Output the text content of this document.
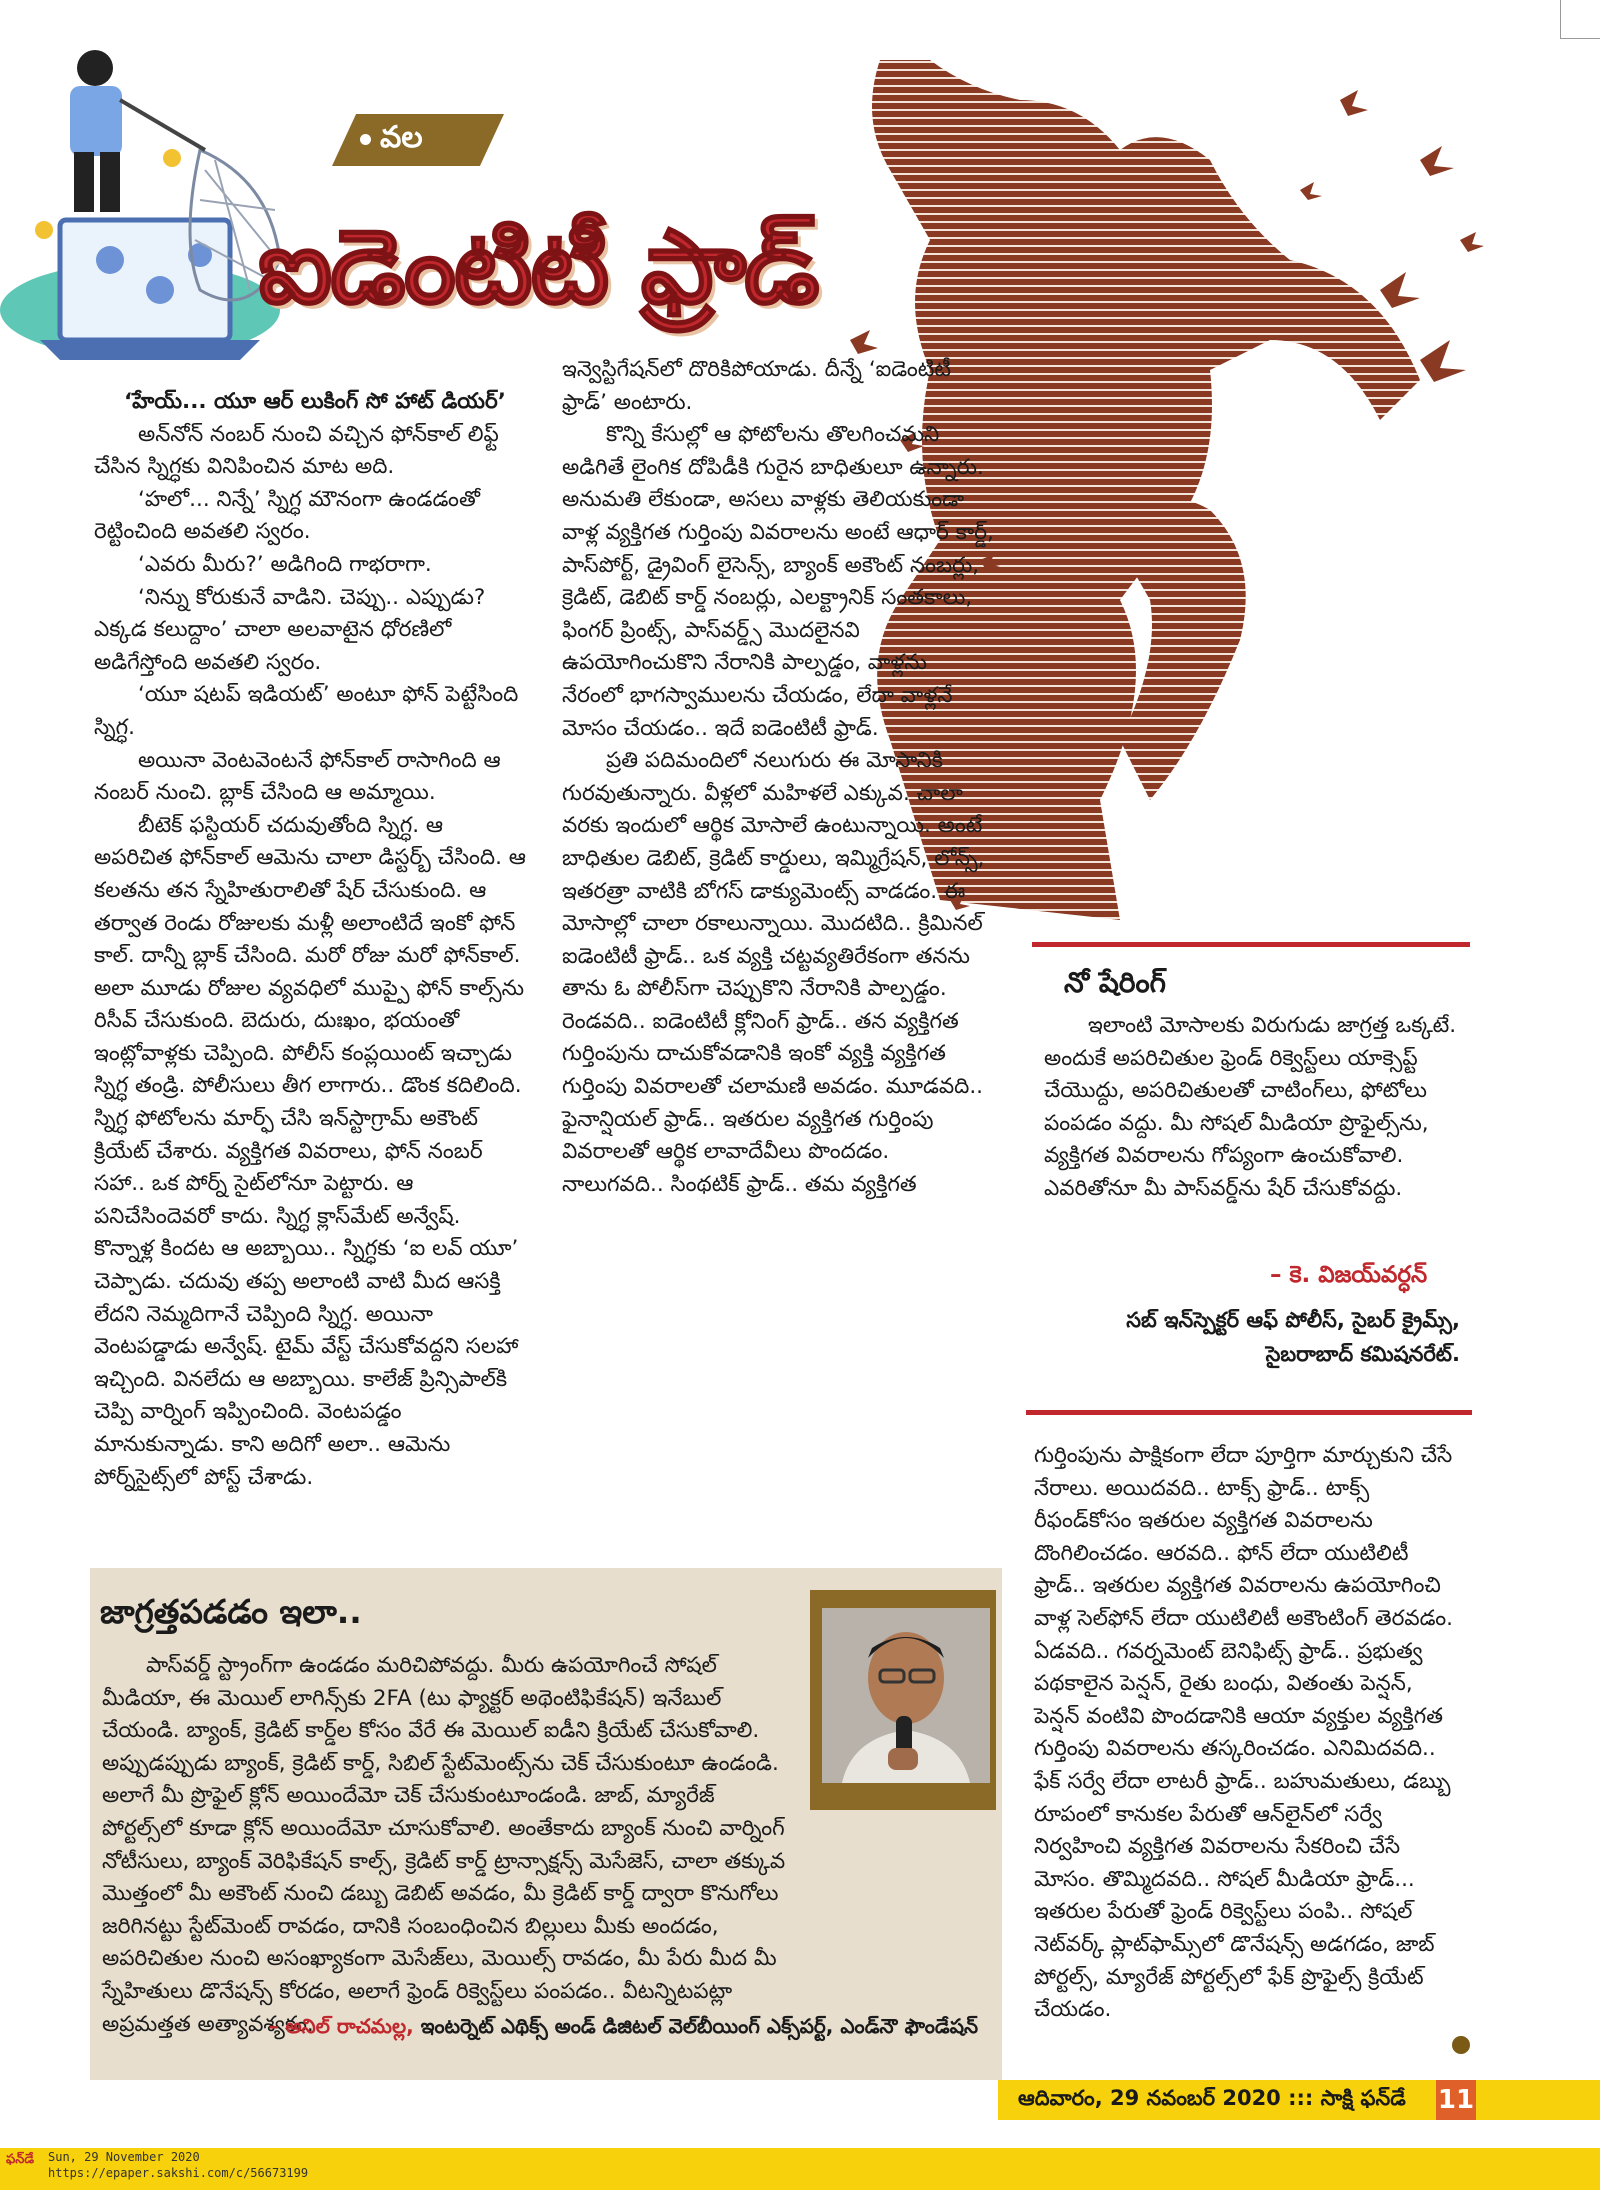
వల
ఐడెంటిటీ ఫ్రాడ్

‘హేయ్‌... యూ ఆర్‌ లుకింగ్‌ సో హాట్‌ డియర్‌’

అన్‌నోన్‌ నంబర్‌ నుంచి వచ్చిన ఫోన్‌కాల్‌ లిఫ్ట్‌ చేసిన స్నిగ్ధకు వినిపించిన మాట అది.

‘హలో... నిన్నే’ స్నిగ్ధ మౌనంగా ఉండడంతో రెట్టించింది అవతలి స్వరం.

‘ఎవరు మీరు?’ అడిగింది గాభరాగా.

‘నిన్ను కోరుకునే వాడిని. చెప్పు.. ఎప్పుడు? ఎక్కడ కలుద్దాం’ చాలా అలవాటైన ధోరణిలో అడిగేస్తోంది అవతలి స్వరం.

‘యూ షటప్‌ ఇడియట్‌’ అంటూ ఫోన్‌ పెట్టేసింది స్నిగ్ధ.

అయినా వెంటవెంటనే ఫోన్‌కాల్‌ రాసాగింది ఆ నంబర్‌ నుంచి. బ్లాక్‌ చేసింది ఆ అమ్మాయి.

బీటెక్‌ ఫస్టియర్‌ చదువుతోంది స్నిగ్ధ. ఆ అపరిచిత ఫోన్‌కాల్‌ ఆమెను చాలా డిస్టర్బ్‌ చేసింది. ఆ కలతను తన స్నేహితురాలితో షేర్‌ చేసుకుంది. ఆ తర్వాత రెండు రోజులకు మళ్లీ అలాంటిదే ఇంకో ఫోన్‌ కాల్‌. దాన్నీ బ్లాక్‌ చేసింది. మరో రోజు మరో ఫోన్‌కాల్‌. అలా మూడు రోజుల వ్యవధిలో ముప్పై ఫోన్‌ కాల్స్‌ను రిసీవ్‌ చేసుకుంది. బెదురు, దుఃఖం, భయంతో ఇంట్లోవాళ్లకు చెప్పింది. పోలీస్‌ కంప్లయింట్‌ ఇచ్చాడు స్నిగ్ధ తండ్రి. పోలీసులు తీగ లాగారు.. డొంక కదిలింది. స్నిగ్ధ ఫోటోలను మార్ఫ్‌ చేసి ఇన్‌స్టాగ్రామ్‌ అకౌంట్‌ క్రియేట్‌ చేశారు. వ్యక్తిగత వివరాలు, ఫోన్‌ నంబర్‌ సహా.. ఒక పోర్న్‌ సైట్‌లోనూ పెట్టారు. ఆ పనిచేసిందెవరో కాదు. స్నిగ్ధ క్లాస్‌మేట్‌ అన్వేష్‌. కొన్నాళ్ల కిందట ఆ అబ్బాయి.. స్నిగ్ధకు ‘ఐ లవ్‌ యూ’ చెప్పాడు. చదువు తప్ప అలాంటి వాటి మీద ఆసక్తి లేదని నెమ్మదిగానే చెప్పింది స్నిగ్ధ. అయినా వెంటపడ్డాడు అన్వేష్‌. టైమ్‌ వేస్ట్‌ చేసుకోవద్దని సలహా ఇచ్చింది. వినలేదు ఆ అబ్బాయి. కాలేజ్‌ ప్రిన్సిపాల్‌కి చెప్పి వార్నింగ్‌ ఇప్పించింది. వెంటపడ్డం మానుకున్నాడు. కాని అదిగో అలా.. ఆమెను పోర్న్‌సైట్స్‌లో పోస్ట్‌ చేశాడు.

ఇన్వెస్టిగేషన్‌లో దొరికిపోయాడు. దీన్నే ‘ఐడెంటిటీ ఫ్రాడ్‌’ అంటారు.

కొన్ని కేసుల్లో ఆ ఫోటోలను తొలగించమని అడిగితే లైంగిక దోపిడీకి గురైన బాధితులూ ఉన్నారు. అనుమతి లేకుండా, అసలు వాళ్లకు తెలియకుండా వాళ్ల వ్యక్తిగత గుర్తింపు వివరాలను అంటే ఆధార్‌ కార్డ్‌, పాస్‌పోర్ట్‌, డ్రైవింగ్‌ లైసెన్స్‌, బ్యాంక్‌ అకౌంట్‌ నంబర్లు, క్రెడిట్‌, డెబిట్‌ కార్డ్‌ నంబర్లు, ఎలక్ట్రానిక్‌ సంతకాలు, ఫింగర్‌ ప్రింట్స్‌, పాస్‌వర్డ్స్‌ మొదలైనవి ఉపయోగించుకొని నేరానికి పాల్పడ్డం, వాళ్లను నేరంలో భాగస్వాములను చేయడం, లేదా వాళ్లనే మోసం చేయడం.. ఇదే ఐడెంటిటీ ఫ్రాడ్‌.

ప్రతి పదిమందిలో నలుగురు ఈ మోసానికి గురవుతున్నారు. వీళ్లలో మహిళలే ఎక్కువ. చాలా వరకు ఇందులో ఆర్థిక మోసాలే ఉంటున్నాయి. అంటే బాధితుల డెబిట్‌, క్రెడిట్‌ కార్డులు, ఇమ్మిగ్రేషన్‌, లోన్స్‌, ఇతరత్రా వాటికి బోగస్‌ డాక్యుమెంట్స్‌ వాడడం. ఈ మోసాల్లో చాలా రకాలున్నాయి. మొదటిది.. క్రిమినల్‌ ఐడెంటిటీ ఫ్రాడ్‌.. ఒక వ్యక్తి చట్టవ్యతిరేకంగా తనను తాను ఓ పోలీస్‌గా చెప్పుకొని నేరానికి పాల్పడ్డం. రెండవది.. ఐడెంటిటీ క్లోనింగ్‌ ఫ్రాడ్‌.. తన వ్యక్తిగత గుర్తింపును దాచుకోవడానికి ఇంకో వ్యక్తి వ్యక్తిగత గుర్తింపు వివరాలతో చలామణి అవడం. మూడవది.. ఫైనాన్షియల్‌ ఫ్రాడ్‌.. ఇతరుల వ్యక్తిగత గుర్తింపు వివరాలతో ఆర్థిక లావాదేవీలు పొందడం. నాలుగవది.. సింథటిక్‌ ఫ్రాడ్‌.. తమ వ్యక్తిగత

గుర్తింపును పాక్షికంగా లేదా పూర్తిగా మార్చుకుని చేసే నేరాలు. అయిదవది.. టాక్స్‌ ఫ్రాడ్‌.. టాక్స్‌ రీఫండ్‌కోసం ఇతరుల వ్యక్తిగత వివరాలను దొంగిలించడం. ఆరవది.. ఫోన్‌ లేదా యుటిలిటీ ఫ్రాడ్‌.. ఇతరుల వ్యక్తిగత వివరాలను ఉపయోగించి వాళ్ల సెల్‌ఫోన్‌ లేదా యుటిలిటీ అకౌంటింగ్‌ తెరవడం. ఏడవది.. గవర్నమెంట్‌ బెనిఫిట్స్‌ ఫ్రాడ్‌.. ప్రభుత్వ పథకాలైన పెన్షన్‌, రైతు బంధు, వితంతు పెన్షన్‌, పెన్షన్‌ వంటివి పొందడానికి ఆయా వ్యక్తుల వ్యక్తిగత గుర్తింపు వివరాలను తస్కరించడం. ఎనిమిదవది.. ఫేక్‌ సర్వే లేదా లాటరీ ఫ్రాడ్‌.. బహుమతులు, డబ్బు రూపంలో కానుకల పేరుతో ఆన్‌లైన్‌లో సర్వే నిర్వహించి వ్యక్తిగత వివరాలను సేకరించి చేసే మోసం. తొమ్మిదవది.. సోషల్‌ మీడియా ఫ్రాడ్‌... ఇతరుల పేరుతో ఫ్రెండ్‌ రిక్వెస్ట్‌లు పంపి.. సోషల్‌ నెట్‌వర్క్‌ ప్లాట్‌ఫామ్స్‌లో డొనేషన్స్‌ అడగడం, జాబ్‌ పోర్టల్స్‌, మ్యారేజ్‌ పోర్టల్స్‌లో ఫేక్‌ ప్రొఫైల్స్‌ క్రియేట్‌ చేయడం.

నో షేరింగ్‌

ఇలాంటి మోసాలకు విరుగుడు జాగ్రత్త ఒక్కటే. అందుకే అపరిచితుల ఫ్రెండ్‌ రిక్వెస్ట్‌లు యాక్సెప్ట్‌ చేయొద్దు, అపరిచితులతో చాటింగ్‌లు, ఫోటోలు పంపడం వద్దు. మీ సోషల్‌ మీడియా ప్రొఫైల్స్‌ను, వ్యక్తిగత వివరాలను గోప్యంగా ఉంచుకోవాలి. ఎవరితోనూ మీ పాస్‌వర్డ్‌ను షేర్‌ చేసుకోవద్దు.

– కె. విజయ్‌వర్ధన్‌
సబ్‌ ఇన్‌స్పెక్టర్‌ ఆఫ్‌ పోలీస్‌, సైబర్‌ క్రైమ్స్‌,
సైబరాబాద్‌ కమిషనరేట్‌.
జాగ్రత్తపడడం ఇలా..

పాస్‌వర్డ్‌ స్ట్రాంగ్‌గా ఉండడం మరిచిపోవద్దు. మీరు ఉపయోగించే సోషల్‌ మీడియా, ఈ మెయిల్‌ లాగిన్స్‌కు 2FA (టు ఫ్యాక్టర్‌ అథెంటిఫికేషన్‌) ఇనేబుల్‌ చేయండి. బ్యాంక్‌, క్రెడిట్‌ కార్డ్‌ల కోసం వేరే ఈ మెయిల్‌ ఐడీని క్రియేట్‌ చేసుకోవాలి. అప్పుడప్పుడు బ్యాంక్‌, క్రెడిట్‌ కార్డ్‌, సిబిల్‌ స్టేట్‌మెంట్స్‌ను చెక్‌ చేసుకుంటూ ఉండండి. అలాగే మీ ప్రొఫైల్‌ క్లోన్‌ అయిందేమో చెక్‌ చేసుకుంటూండండి. జాబ్‌, మ్యారేజ్‌ పోర్టల్స్‌లో కూడా క్లోన్‌ అయిందేమో చూసుకోవాలి. అంతేకాదు బ్యాంక్‌ నుంచి వార్నింగ్‌ నోటీసులు, బ్యాంక్‌ వెరిఫికేషన్‌ కాల్స్‌, క్రెడిట్‌ కార్డ్‌ ట్రాన్సాక్షన్స్‌ మెసేజెస్‌, చాలా తక్కువ మొత్తంలో మీ అకౌంట్‌ నుంచి డబ్బు డెబిట్‌ అవడం, మీ క్రెడిట్‌ కార్డ్‌ ద్వారా కొనుగోలు జరిగినట్టు స్టేట్‌మెంట్‌ రావడం, దానికి సంబంధించిన బిల్లులు మీకు అందడం, అపరిచితుల నుంచి అసంఖ్యాకంగా మెసేజ్‌లు, మెయిల్స్‌ రావడం, మీ పేరు మీద మీ స్నేహితులు డొనేషన్స్‌ కోరడం, అలాగే ఫ్రెండ్‌ రిక్వెస్ట్‌లు పంపడం.. వీటన్నిటపట్లా అప్రమత్తత అత్యావశ్యకం.

– అనిల్‌ రాచమల్ల, ఇంటర్నెట్‌ ఎథిక్స్‌ అండ్‌ డిజిటల్‌ వెల్‌బీయింగ్‌ ఎక్స్‌పర్ట్‌, ఎండ్‌నౌ ఫౌండేషన్‌
ఆదివారం, 29 నవంబర్‌ 2020 ::: సాక్షి ఫన్‌డే 11
ఫన్‌డే Sun, 29 November 2020
https://epaper.sakshi.com/c/56673199
